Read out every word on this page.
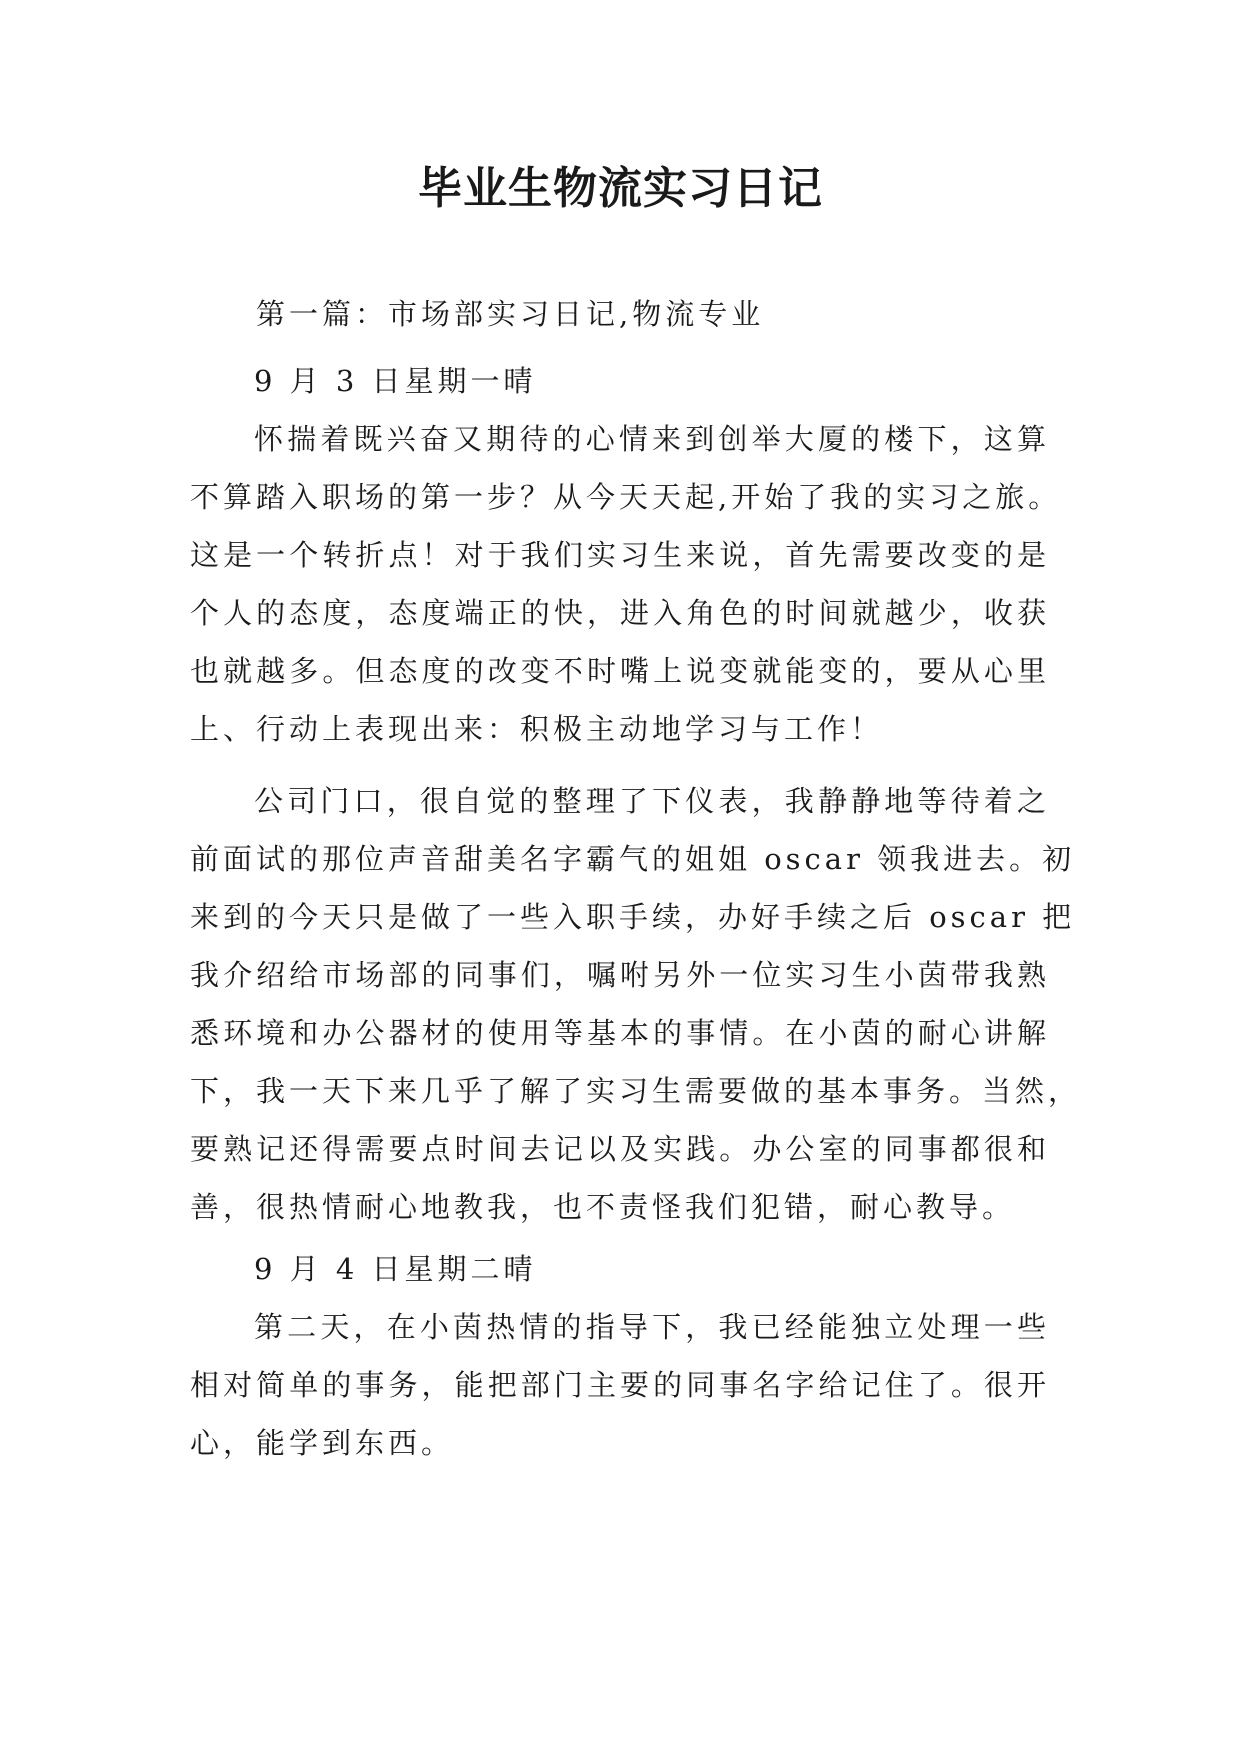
毕业生物流实习日记
第一篇：市场部实习日记,物流专业
9 月 3 日星期一晴
怀揣着既兴奋又期待的心情来到创举大厦的楼下，这算
不算踏入职场的第一步？从今天天起,开始了我的实习之旅。
这是一个转折点！对于我们实习生来说，首先需要改变的是
个人的态度，态度端正的快，进入角色的时间就越少，收获
也就越多。但态度的改变不时嘴上说变就能变的，要从心里
上、行动上表现出来：积极主动地学习与工作！
公司门口，很自觉的整理了下仪表，我静静地等待着之
前面试的那位声音甜美名字霸气的姐姐 oscar 领我进去。初
来到的今天只是做了一些入职手续，办好手续之后 oscar 把
我介绍给市场部的同事们，嘱咐另外一位实习生小茵带我熟
悉环境和办公器材的使用等基本的事情。在小茵的耐心讲解
下，我一天下来几乎了解了实习生需要做的基本事务。当然，
要熟记还得需要点时间去记以及实践。办公室的同事都很和
善，很热情耐心地教我，也不责怪我们犯错，耐心教导。
9 月 4 日星期二晴
第二天，在小茵热情的指导下，我已经能独立处理一些
相对简单的事务，能把部门主要的同事名字给记住了。很开
心，能学到东西。
